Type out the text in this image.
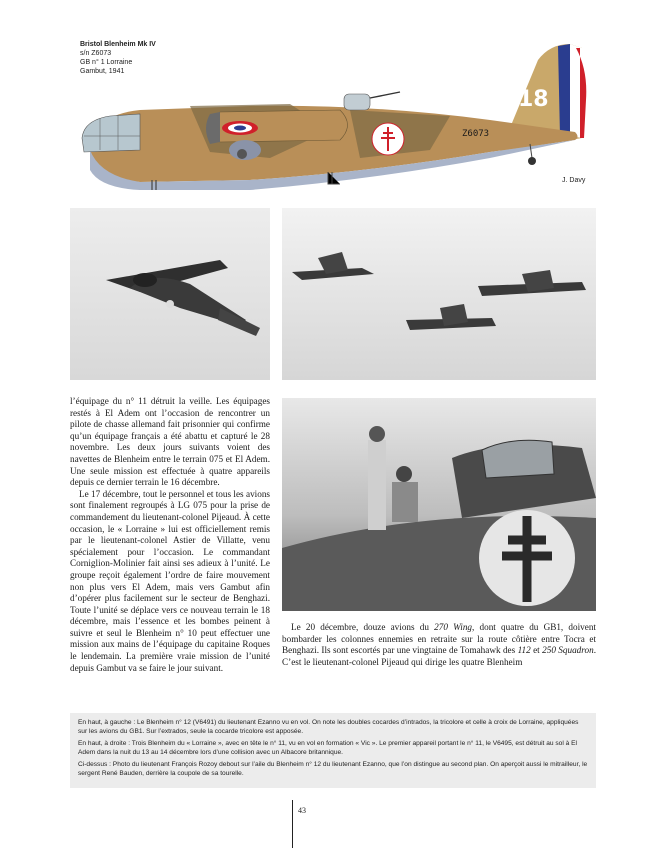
Bristol Blenheim Mk IV
s/n Z6073
GB n° 1 Lorraine
Gambut, 1941
18
Z6073
J. Davy

l’équipage du n° 11 détruit la veille. Les équipages restés à El Adem ont l’occasion de rencontrer un pilote de chasse allemand fait prisonnier qui confirme qu’un équipage français a été abattu et capturé le 28 novembre. Les deux jours suivants voient des navettes de Blenheim entre le terrain 075 et El Adem. Une seule mission est effectuée à quatre appareils depuis ce dernier terrain le 16 décembre.

Le 17 décembre, tout le personnel et tous les avions sont finalement regroupés à LG 075 pour la prise de commandement du lieutenant-colonel Pijeaud. À cette occasion, le « Lorraine » lui est officiellement remis par le lieutenant-colonel Astier de Villatte, venu spécialement pour l’occasion. Le commandant Corniglion-Molinier fait ainsi ses adieux à l’unité. Le groupe reçoit également l’ordre de faire mouvement non plus vers El Adem, mais vers Gambut afin d’opérer plus facilement sur le secteur de Benghazi. Toute l’unité se déplace vers ce nouveau terrain le 18 décembre, mais l’essence et les bombes peinent à suivre et seul le Blenheim n° 10 peut effectuer une mission aux mains de l’équipage du capitaine Roques le lendemain. La première vraie mission de l’unité depuis Gambut va se faire le jour suivant.

Le 20 décembre, douze avions du 270 Wing, dont quatre du GB1, doivent bombarder les colonnes ennemies en retraite sur la route côtière entre Tocra et Benghazi. Ils sont escortés par une vingtaine de Tomahawk des 112 et 250 Squadron. C’est le lieutenant-colonel Pijeaud qui dirige les quatre Blenheim

En haut, à gauche : Le Blenheim n° 12 (V6491) du lieutenant Ezanno vu en vol. On note les doubles cocardes d’intrados, la tricolore et celle à croix de Lorraine, appliquées sur les avions du GB1. Sur l’extrados, seule la cocarde tricolore est apposée.

En haut, à droite : Trois Blenheim du « Lorraine », avec en tête le n° 11, vu en vol en formation « Vic ». Le premier appareil portant le n° 11, le V6495, est détruit au sol à El Adem dans la nuit du 13 au 14 décembre lors d’une collision avec un Albacore britannique.

Ci-dessus : Photo du lieutenant François Rozoy debout sur l’aile du Blenheim n° 12 du lieutenant Ezanno, que l’on distingue au second plan. On aperçoit aussi le mitrailleur, le sergent René Bauden, derrière la coupole de sa tourelle.

43
